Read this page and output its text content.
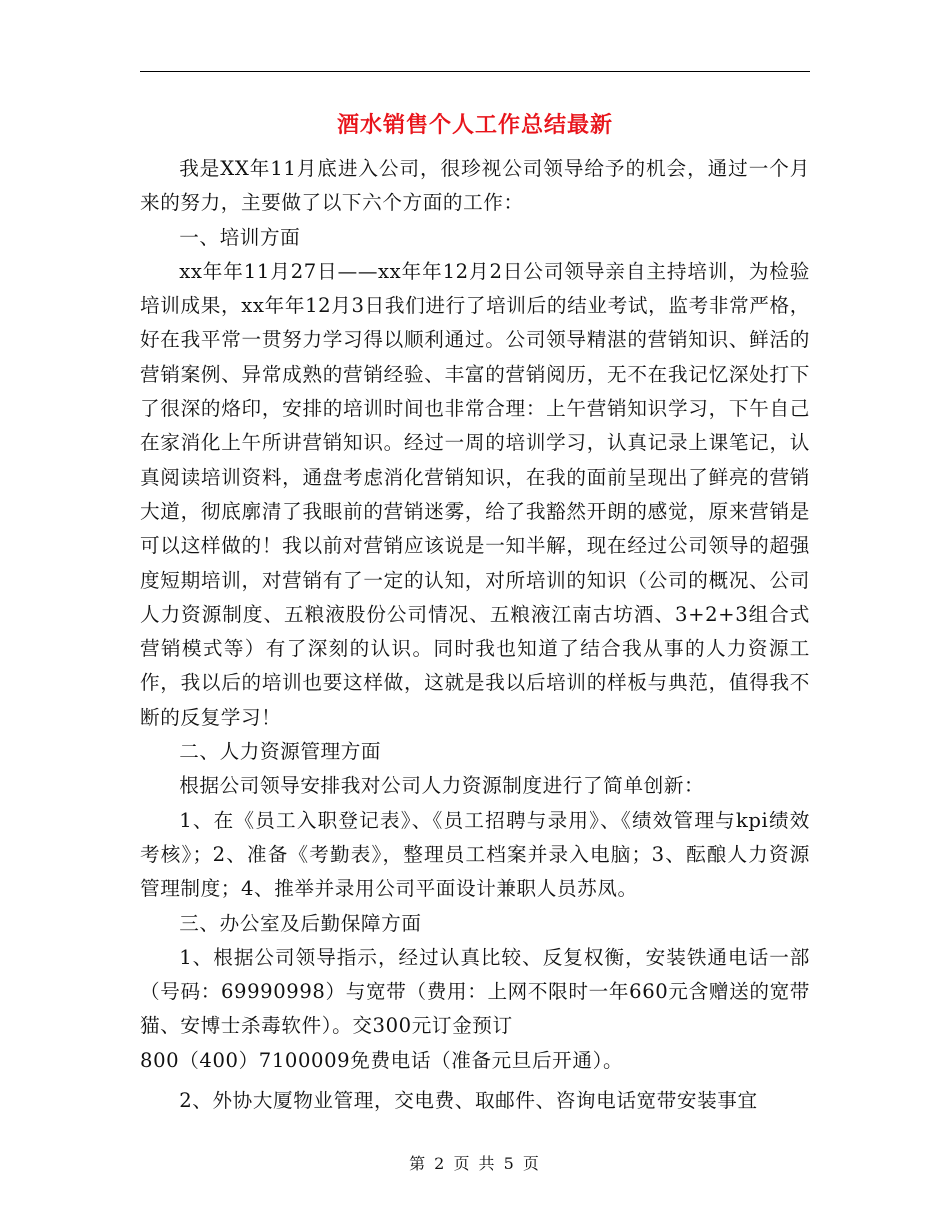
酒水销售个人工作总结最新

我是XX年11月底进入公司，很珍视公司领导给予的机会，通过一个月来的努力，主要做了以下六个方面的工作：

一、培训方面

xx年年11月27日——xx年年12月2日公司领导亲自主持培训，为检验培训成果，xx年年12月3日我们进行了培训后的结业考试，监考非常严格，好在我平常一贯努力学习得以顺利通过。公司领导精湛的营销知识、鲜活的营销案例、异常成熟的营销经验、丰富的营销阅历，无不在我记忆深处打下了很深的烙印，安排的培训时间也非常合理：上午营销知识学习，下午自己在家消化上午所讲营销知识。经过一周的培训学习，认真记录上课笔记，认真阅读培训资料，通盘考虑消化营销知识，在我的面前呈现出了鲜亮的营销大道，彻底廓清了我眼前的营销迷雾，给了我豁然开朗的感觉，原来营销是可以这样做的！我以前对营销应该说是一知半解，现在经过公司领导的超强度短期培训，对营销有了一定的认知，对所培训的知识（公司的概况、公司人力资源制度、五粮液股份公司情况、五粮液江南古坊酒、3+2+3组合式营销模式等）有了深刻的认识。同时我也知道了结合我从事的人力资源工作，我以后的培训也要这样做，这就是我以后培训的样板与典范，值得我不断的反复学习！

二、人力资源管理方面

根据公司领导安排我对公司人力资源制度进行了简单创新：

1、在《员工入职登记表》、《员工招聘与录用》、《绩效管理与kpi绩效考核》；2、准备《考勤表》，整理员工档案并录入电脑；3、酝酿人力资源管理制度；4、推举并录用公司平面设计兼职人员苏凤。

三、办公室及后勤保障方面

1、根据公司领导指示，经过认真比较、反复权衡，安装铁通电话一部（号码：69990998）与宽带（费用：上网不限时一年660元含赠送的宽带猫、安博士杀毒软件）。交300元订金预订

800（400）7100009免费电话（准备元旦后开通）。

2、外协大厦物业管理，交电费、取邮件、咨询电话宽带安装事宜

第 2 页 共 5 页
